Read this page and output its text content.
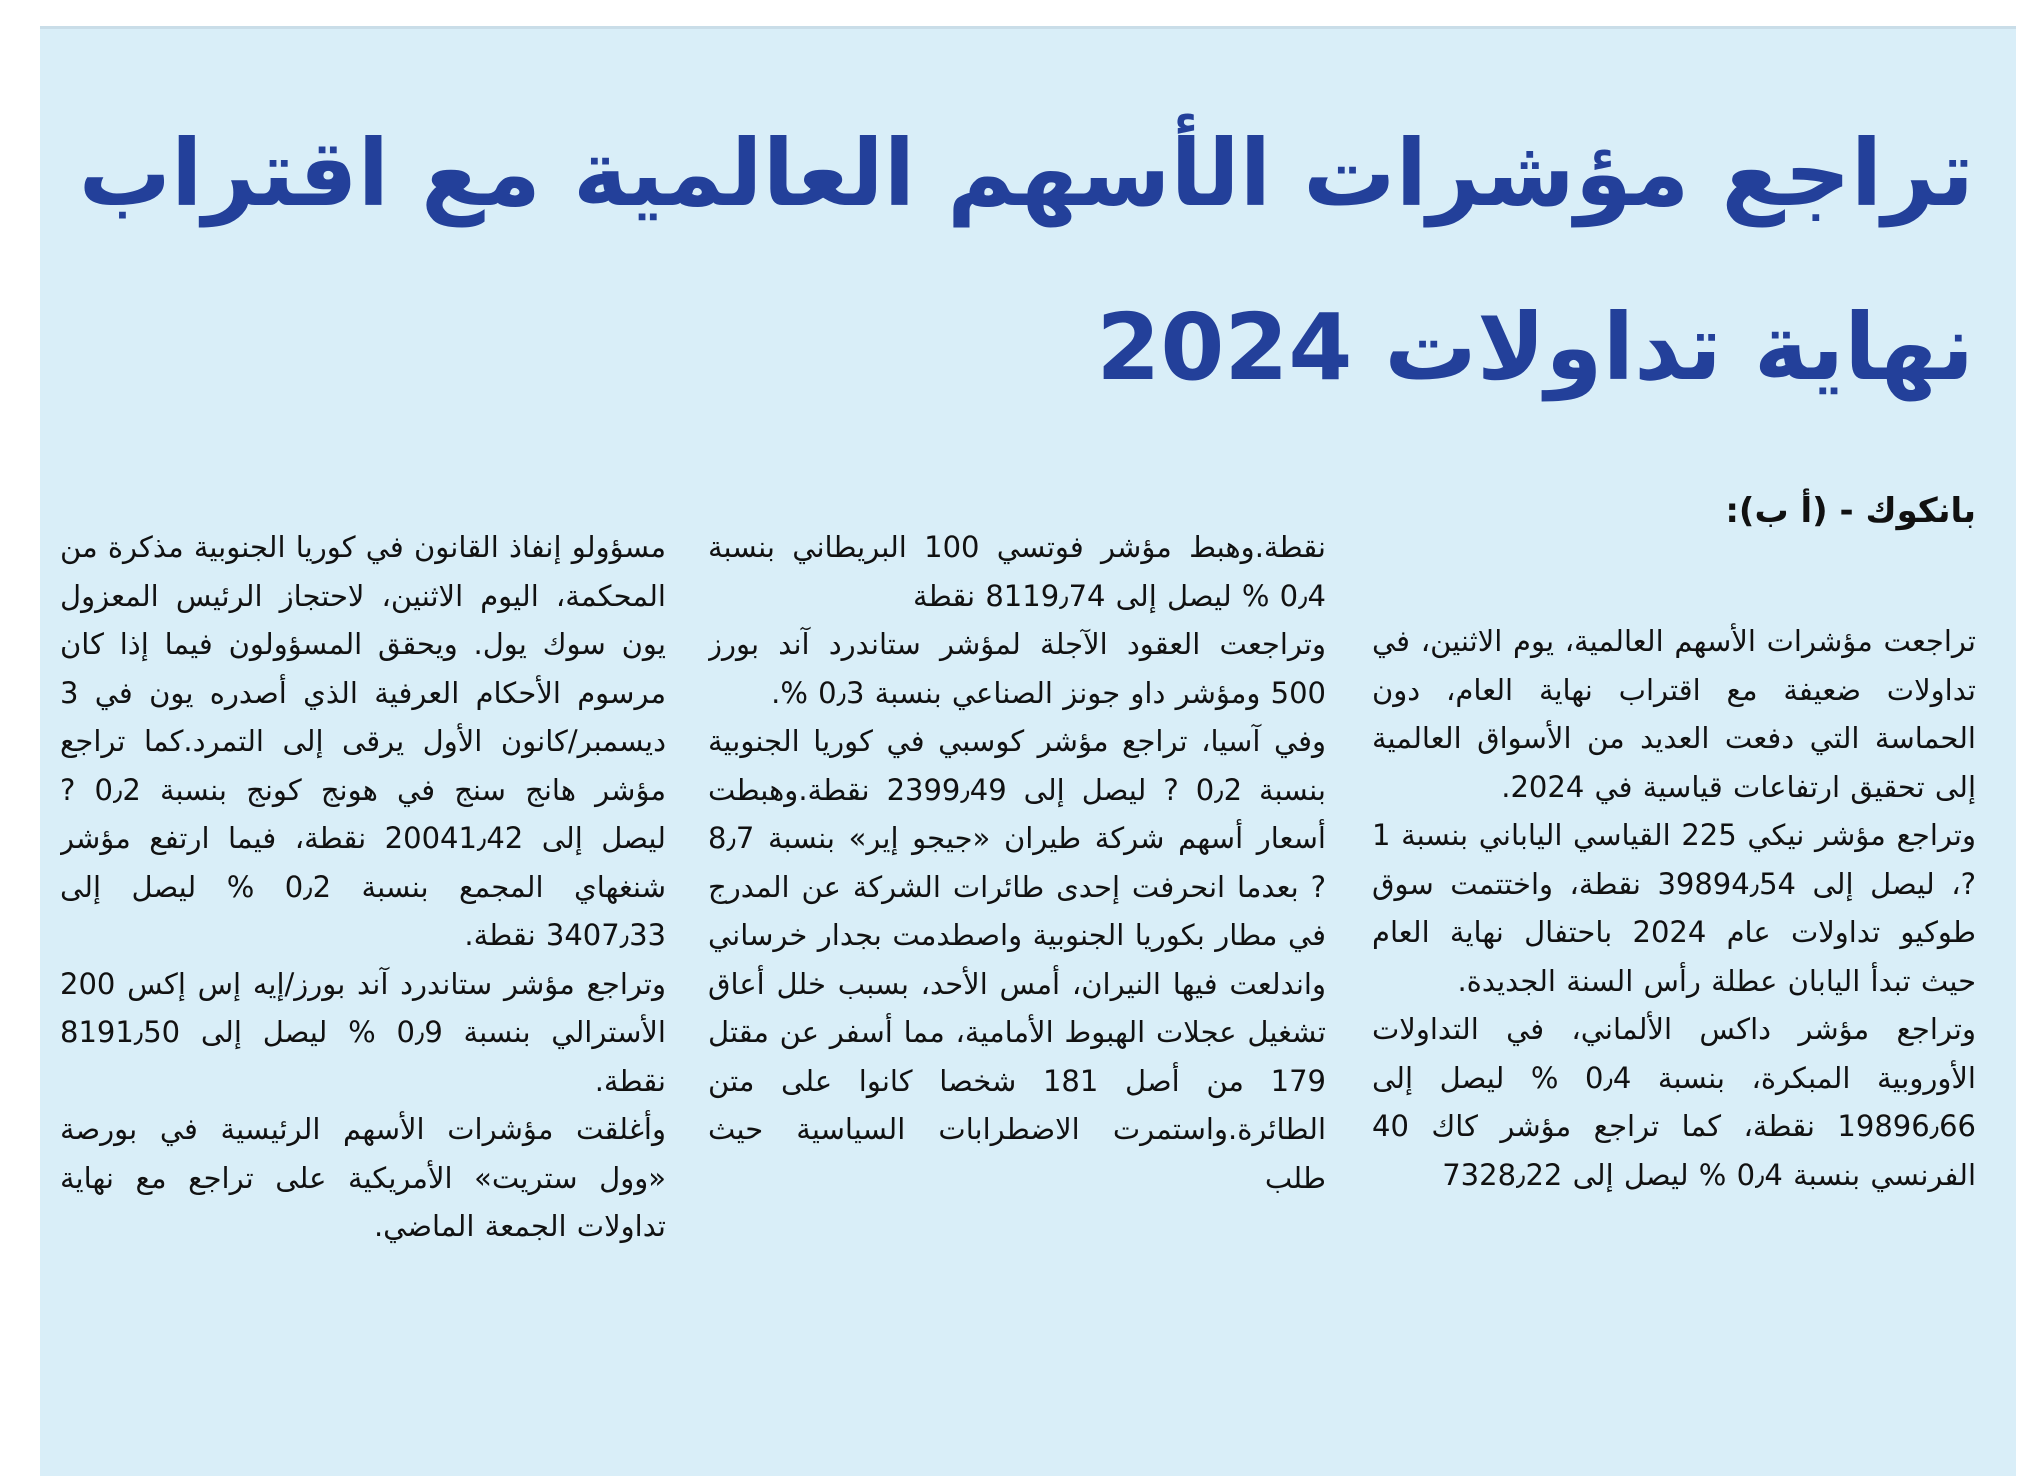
تراجع مؤشرات الأسهم العالمية مع اقتراب نهاية تداولات 2024
بانكوك - (أ ب):

تراجعت مؤشرات الأسهم العالمية، يوم الاثنين، في تداولات ضعيفة مع اقتراب نهاية العام، دون الحماسة التي دفعت العديد من الأسواق العالمية إلى تحقيق ارتفاعات قياسية في 2024.

وتراجع مؤشر نيكي 225 القياسي الياباني بنسبة 1 ?، ليصل إلى 39894٫54 نقطة، واختتمت سوق طوكيو تداولات عام 2024 باحتفال نهاية العام حيث تبدأ اليابان عطلة رأس السنة الجديدة.

وتراجع مؤشر داكس الألماني، في التداولات الأوروبية المبكرة، بنسبة 0٫4 % ليصل إلى 19896٫66 نقطة، كما تراجع مؤشر كاك 40 الفرنسي بنسبة 0٫4 % ليصل إلى 7328٫22

نقطة.وهبط مؤشر فوتسي 100 البريطاني بنسبة 0٫4 % ليصل إلى 8119٫74 نقطة

وتراجعت العقود الآجلة لمؤشر ستاندرد آند بورز 500 ومؤشر داو جونز الصناعي بنسبة 0٫3 %.

وفي آسيا، تراجع مؤشر كوسبي في كوريا الجنوبية بنسبة 0٫2 ? ليصل إلى 2399٫49 نقطة.وهبطت أسعار أسهم شركة طيران «جيجو إير» بنسبة 8٫7 ? بعدما انحرفت إحدى طائرات الشركة عن المدرج في مطار بكوريا الجنوبية واصطدمت بجدار خرساني واندلعت فيها النيران، أمس الأحد، بسبب خلل أعاق تشغيل عجلات الهبوط الأمامية، مما أسفر عن مقتل 179 من أصل 181 شخصا كانوا على متن الطائرة.واستمرت الاضطرابات السياسية حيث طلب

مسؤولو إنفاذ القانون في كوريا الجنوبية مذكرة من المحكمة، اليوم الاثنين، لاحتجاز الرئيس المعزول يون سوك يول. ويحقق المسؤولون فيما إذا كان مرسوم الأحكام العرفية الذي أصدره يون في 3 ديسمبر/كانون الأول يرقى إلى التمرد.كما تراجع مؤشر هانج سنج في هونج كونج بنسبة 0٫2 ? ليصل إلى 20041٫42 نقطة، فيما ارتفع مؤشر شنغهاي المجمع بنسبة 0٫2 % ليصل إلى 3407٫33 نقطة.

وتراجع مؤشر ستاندرد آند بورز/إيه إس إكس 200 الأسترالي بنسبة 0٫9 % ليصل إلى 8191٫50 نقطة.

وأغلقت مؤشرات الأسهم الرئيسية في بورصة «وول ستريت» الأمريكية على تراجع مع نهاية تداولات الجمعة الماضي.
